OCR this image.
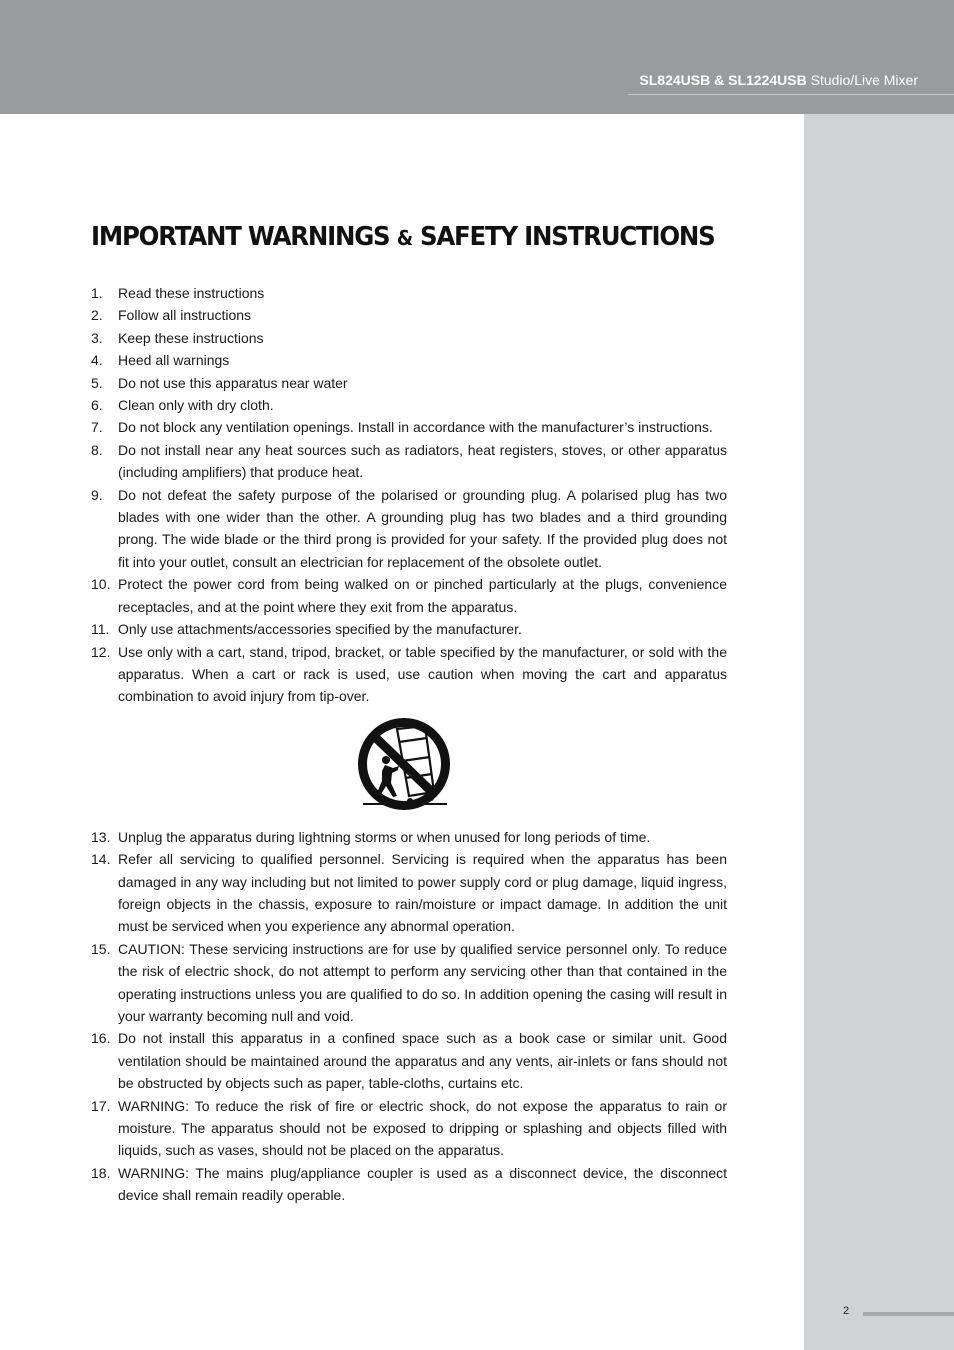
SL824USB & SL1224USB Studio/Live Mixer
IMPORTANT WARNINGS & SAFETY INSTRUCTIONS
1. Read these instructions
2. Follow all instructions
3. Keep these instructions
4. Heed all warnings
5. Do not use this apparatus near water
6. Clean only with dry cloth.
7. Do not block any ventilation openings. Install in accordance with the manufacturer’s instructions.
8. Do not install near any heat sources such as radiators, heat registers, stoves, or other apparatus (including amplifiers) that produce heat.
9. Do not defeat the safety purpose of the polarised or grounding plug. A polarised plug has two blades with one wider than the other. A grounding plug has two blades and a third grounding prong. The wide blade or the third prong is provided for your safety. If the provided plug does not fit into your outlet, consult an electrician for replacement of the obsolete outlet.
10. Protect the power cord from being walked on or pinched particularly at the plugs, convenience receptacles, and at the point where they exit from the apparatus.
11. Only use attachments/accessories specified by the manufacturer.
12. Use only with a cart, stand, tripod, bracket, or table specified by the manufacturer, or sold with the apparatus. When a cart or rack is used, use caution when moving the cart and apparatus combination to avoid injury from tip-over.
13. Unplug the apparatus during lightning storms or when unused for long periods of time.
14. Refer all servicing to qualified personnel. Servicing is required when the apparatus has been damaged in any way including but not limited to power supply cord or plug damage, liquid ingress, foreign objects in the chassis, exposure to rain/moisture or impact damage. In addition the unit must be serviced when you experience any abnormal operation.
15. CAUTION: These servicing instructions are for use by qualified service personnel only. To reduce the risk of electric shock, do not attempt to perform any servicing other than that contained in the operating instructions unless you are qualified to do so. In addition opening the casing will result in your warranty becoming null and void.
16. Do not install this apparatus in a confined space such as a book case or similar unit. Good ventilation should be maintained around the apparatus and any vents, air-inlets or fans should not be obstructed by objects such as paper, table-cloths, curtains etc.
17. WARNING: To reduce the risk of fire or electric shock, do not expose the apparatus to rain or moisture. The apparatus should not be exposed to dripping or splashing and objects filled with liquids, such as vases, should not be placed on the apparatus.
18. WARNING: The mains plug/appliance coupler is used as a disconnect device, the disconnect device shall remain readily operable.
2
